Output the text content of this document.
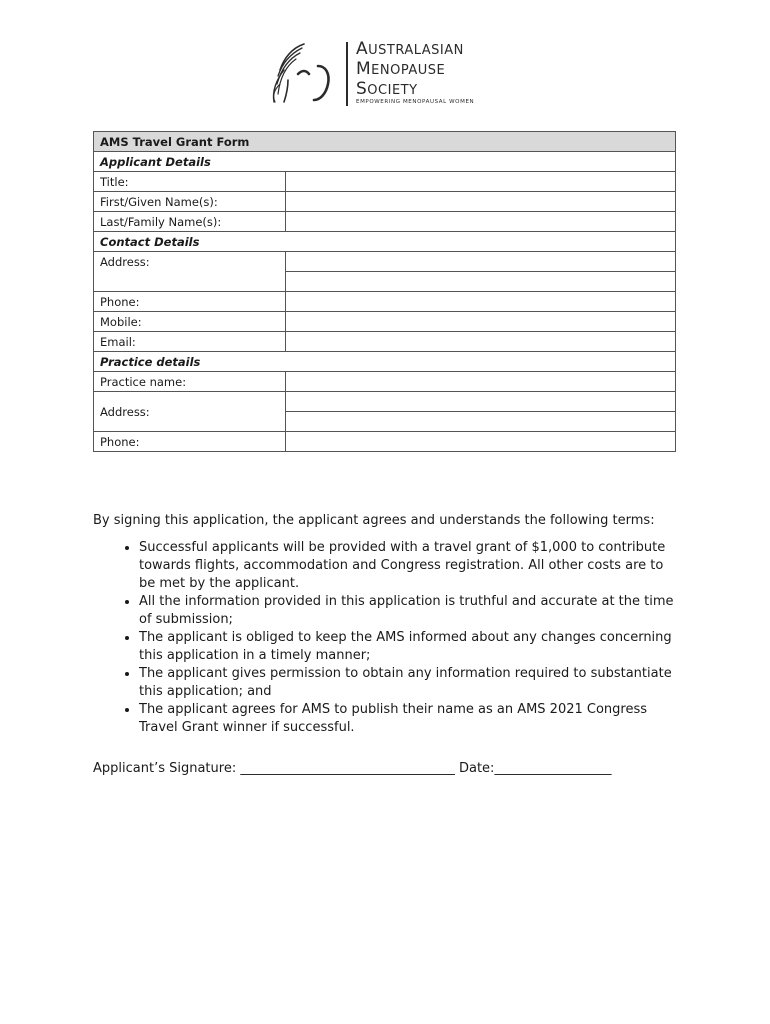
AUSTRALASIAN
MENOPAUSE
SOCIETY
EMPOWERING MENOPAUSAL WOMEN
AMS Travel Grant Form	
Applicant Details	
Title:	
First/Given Name(s):	
Last/Family Name(s):	
Contact Details	
Address:	

Phone:	
Mobile:	
Email:	
Practice details	
Practice name:	
Address:	

Phone:	

By signing this application, the applicant agrees and understands the following terms:

• Successful applicants will be provided with a travel grant of $1,000 to contribute towards flights, accommodation and Congress registration. All other costs are to be met by the applicant.
• All the information provided in this application is truthful and accurate at the time of submission;
• The applicant is obliged to keep the AMS informed about any changes concerning this application in a timely manner;
• The applicant gives permission to obtain any information required to substantiate this application; and
• The applicant agrees for AMS to publish their name as an AMS 2021 Congress Travel Grant winner if successful.
Applicant’s Signature: _________________________________ Date:__________________
